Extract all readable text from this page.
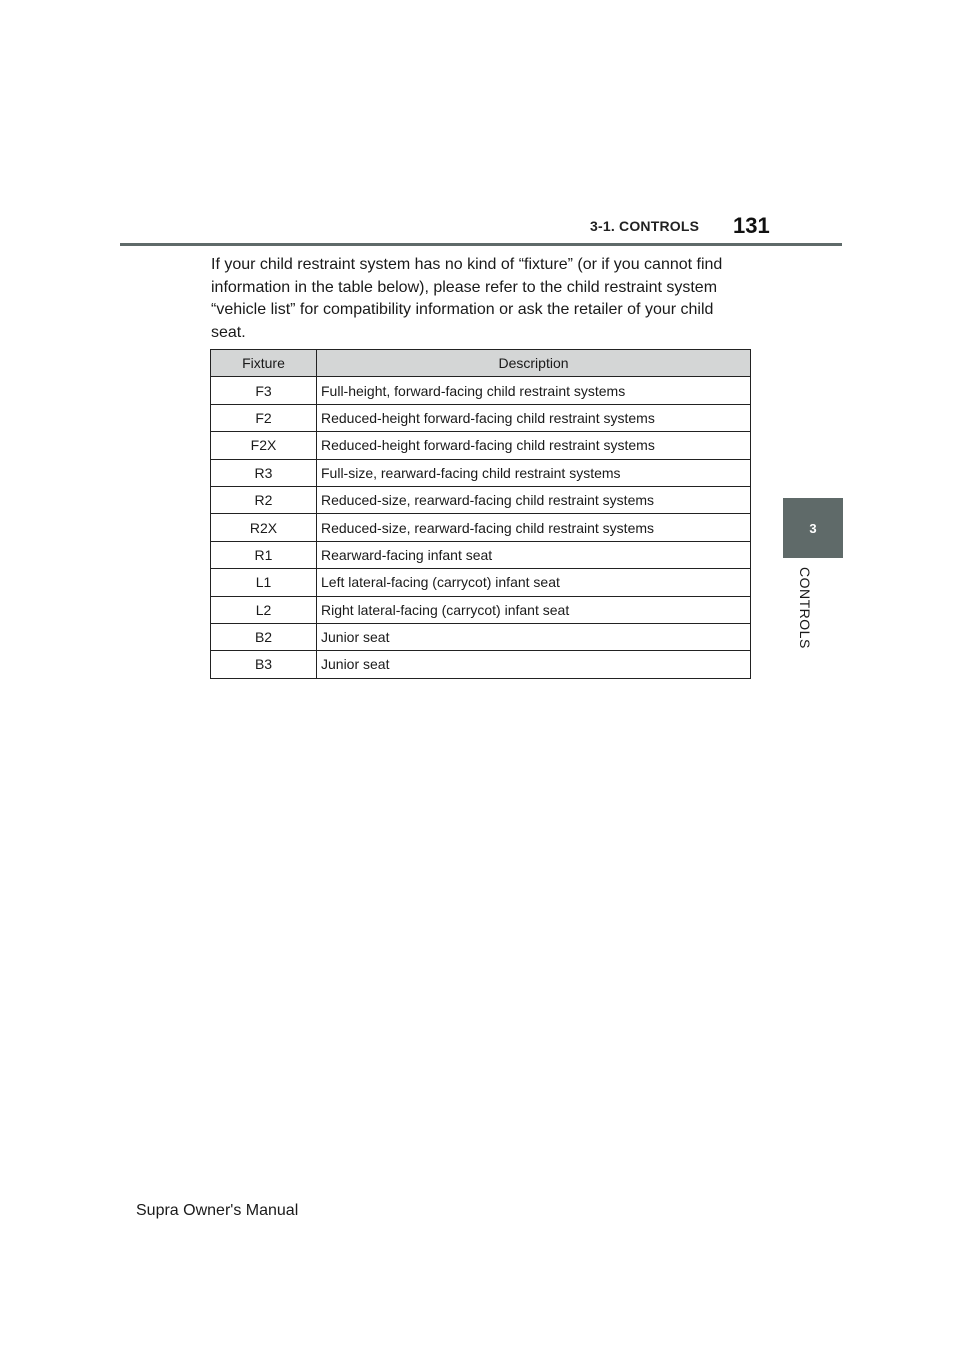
3-1. CONTROLS 131
If your child restraint system has no kind of “fixture” (or if you cannot find
information in the table below), please refer to the child restraint system
“vehicle list” for compatibility information or ask the retailer of your child
seat.
Fixture	Description
F3	Full-height, forward-facing child restraint systems
F2	Reduced-height forward-facing child restraint systems
F2X	Reduced-height forward-facing child restraint systems
R3	Full-size, rearward-facing child restraint systems
R2	Reduced-size, rearward-facing child restraint systems
R2X	Reduced-size, rearward-facing child restraint systems
R1	Rearward-facing infant seat
L1	Left lateral-facing (carrycot) infant seat
L2	Right lateral-facing (carrycot) infant seat
B2	Junior seat
B3	Junior seat
3
CONTROLS
Supra Owner's Manual
